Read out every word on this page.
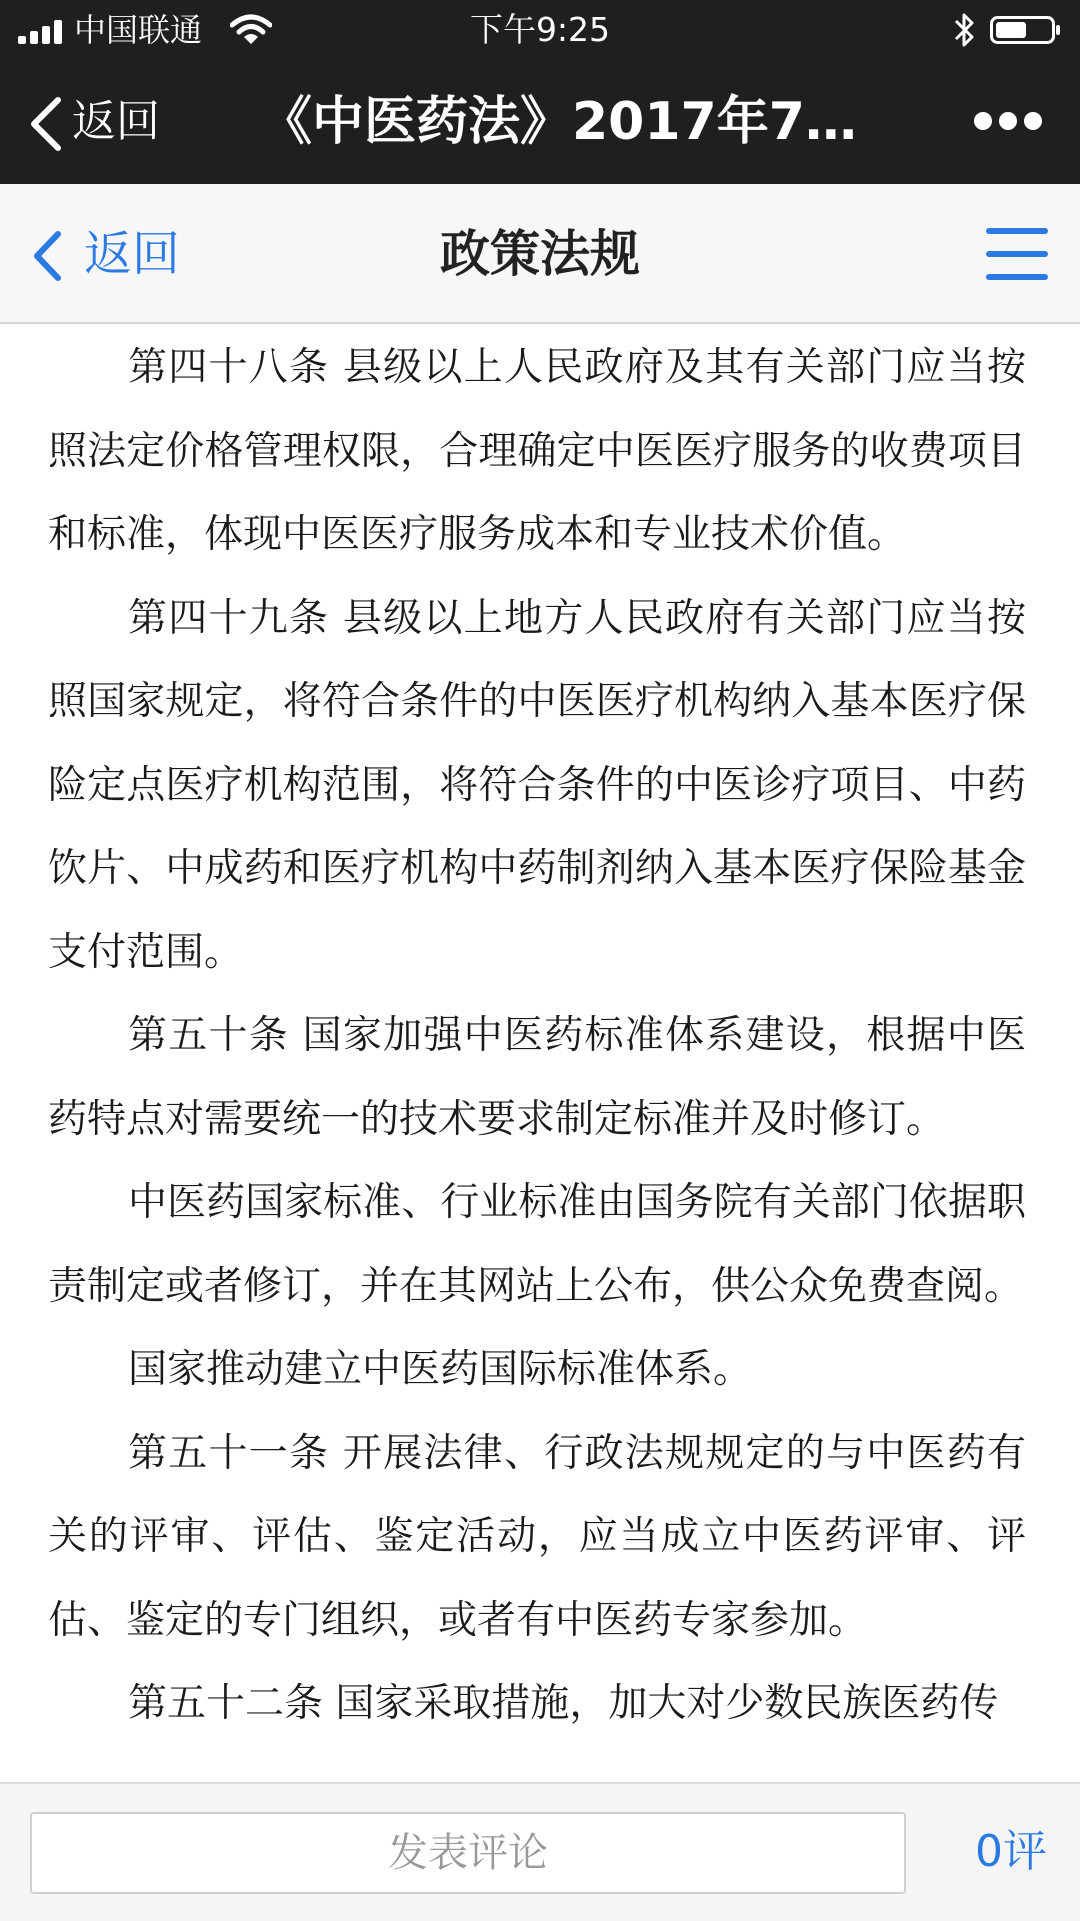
中国联通	下午9:25
返回 《中医药法》2017年7…
返回	政策法规

第四十八条 县级以上人民政府及其有关部门应当按照法定价格管理权限，合理确定中医医疗服务的收费项目和标准，体现中医医疗服务成本和专业技术价值。

第四十九条 县级以上地方人民政府有关部门应当按照国家规定，将符合条件的中医医疗机构纳入基本医疗保险定点医疗机构范围，将符合条件的中医诊疗项目、中药饮片、中成药和医疗机构中药制剂纳入基本医疗保险基金支付范围。

第五十条 国家加强中医药标准体系建设，根据中医药特点对需要统一的技术要求制定标准并及时修订。

中医药国家标准、行业标准由国务院有关部门依据职责制定或者修订，并在其网站上公布，供公众免费查阅。

国家推动建立中医药国际标准体系。

第五十一条 开展法律、行政法规规定的与中医药有关的评审、评估、鉴定活动，应当成立中医药评审、评估、鉴定的专门组织，或者有中医药专家参加。

第五十二条 国家采取措施，加大对少数民族医药传

发表评论	0评
